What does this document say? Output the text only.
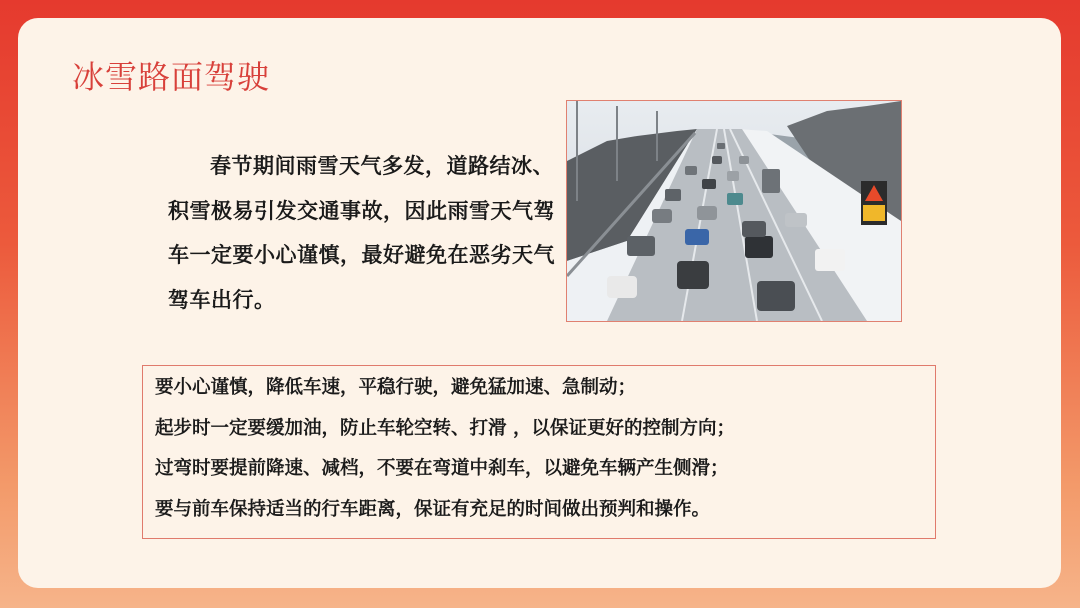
冰雪路面驾驶

春节期间雨雪天气多发，道路结冰、积雪极易引发交通事故，因此雨雪天气驾车一定要小心谨慎，最好避免在恶劣天气驾车出行。

要小心谨慎，降低车速，平稳行驶，避免猛加速、急制动；

起步时一定要缓加油，防止车轮空转、打滑 ，以保证更好的控制方向；

过弯时要提前降速、减档，不要在弯道中刹车，以避免车辆产生侧滑；

要与前车保持适当的行车距离，保证有充足的时间做出预判和操作。
